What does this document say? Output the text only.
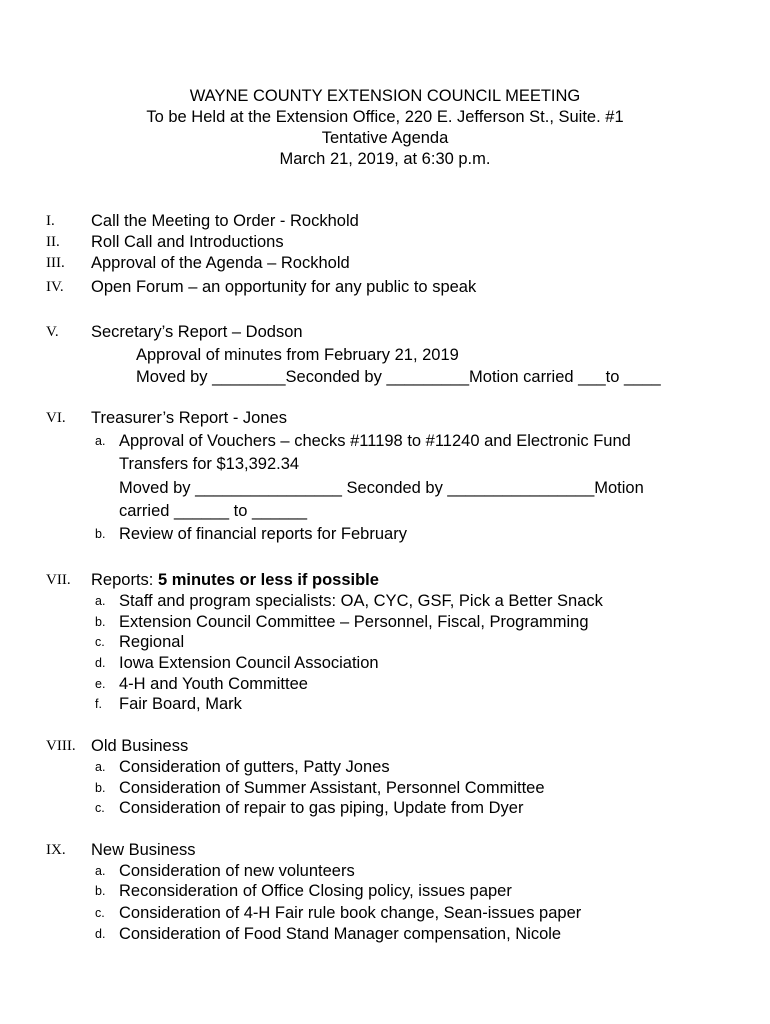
WAYNE COUNTY EXTENSION COUNCIL MEETING
To be Held at the Extension Office, 220 E. Jefferson St., Suite. #1
Tentative Agenda
March 21, 2019, at 6:30 p.m.
I. Call the Meeting to Order - Rockhold
II. Roll Call and Introductions
III. Approval of the Agenda – Rockhold
IV. Open Forum – an opportunity for any public to speak
V. Secretary’s Report – Dodson
Approval of minutes from February 21, 2019
Moved by ________Seconded by _________Motion carried ___to ____
VI. Treasurer’s Report - Jones
a. Approval of Vouchers – checks #11198 to #11240 and Electronic Fund
Transfers for $13,392.34
Moved by ________________ Seconded by ________________Motion
carried ______ to ______
b. Review of financial reports for February
VII. Reports: 5 minutes or less if possible
a. Staff and program specialists: OA, CYC, GSF, Pick a Better Snack
b. Extension Council Committee – Personnel, Fiscal, Programming
c. Regional
d. Iowa Extension Council Association
e. 4-H and Youth Committee
f. Fair Board, Mark
VIII. Old Business
a. Consideration of gutters, Patty Jones
b. Consideration of Summer Assistant, Personnel Committee
c. Consideration of repair to gas piping, Update from Dyer
IX. New Business
a. Consideration of new volunteers
b. Reconsideration of Office Closing policy, issues paper
c. Consideration of 4-H Fair rule book change, Sean-issues paper
d. Consideration of Food Stand Manager compensation, Nicole
